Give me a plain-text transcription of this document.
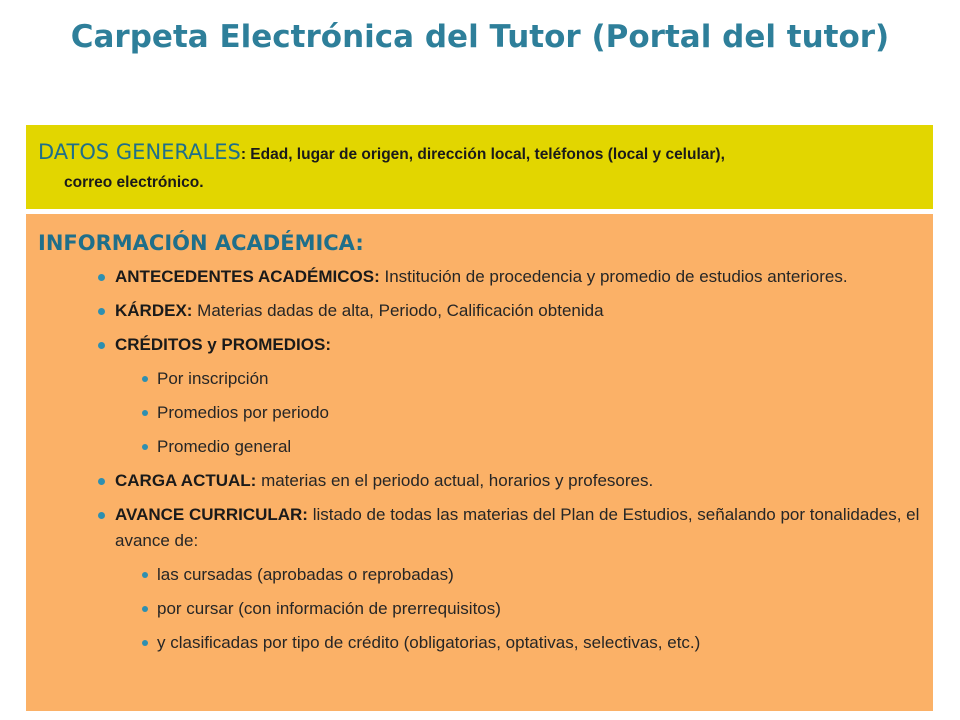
Carpeta Electrónica del Tutor (Portal del tutor)

DATOS GENERALES: Edad, lugar de origen, dirección local, teléfonos (local y celular),

correo electrónico.
INFORMACIÓN ACADÉMICA:
ANTECEDENTES ACADÉMICOS: Institución de procedencia y promedio de estudios anteriores.
KÁRDEX: Materias dadas de alta, Periodo, Calificación obtenida
CRÉDITOS y PROMEDIOS:
Por inscripción
Promedios por periodo
Promedio general
CARGA ACTUAL: materias en el periodo actual, horarios y profesores.
AVANCE CURRICULAR: listado de todas las materias del Plan de Estudios, señalando por tonalidades, el avance de:
las cursadas (aprobadas o reprobadas)
por cursar (con información de prerrequisitos)
y clasificadas por tipo de crédito (obligatorias, optativas, selectivas, etc.)
